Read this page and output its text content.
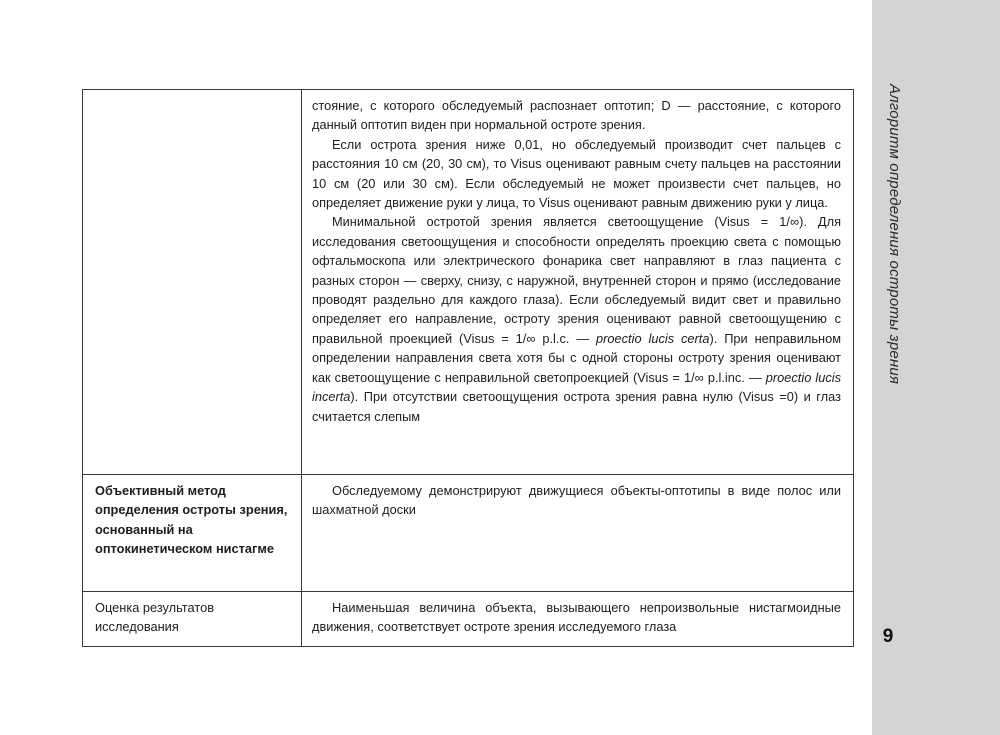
Алгоритм определения остроты зрения
9

	стояние, с которого обследуемый распознает оптотип; D — расстояние, с которого данный оптотип виден при нормальной остроте зрения.

Если острота зрения ниже 0,01, но обследуемый производит счет пальцев с расстояния 10 см (20, 30 см), то Visus оценивают равным счету пальцев на расстоянии 10 см (20 или 30 см). Если обследуемый не может произвести счет пальцев, но определяет движение руки у лица, то Visus оценивают равным движению руки у лица.

Минимальной остротой зрения является светоощущение (Visus = 1/∞). Для исследования светоощущения и способности определять проекцию света с помощью офтальмоскопа или электрического фонарика свет направляют в глаз пациента с разных сторон — сверху, снизу, с наружной, внутренней сторон и прямо (исследование проводят раздельно для каждого глаза). Если обследуемый видит свет и правильно определяет его направление, остроту зрения оценивают равной светоощущению с правильной проекцией (Visus = 1/∞ p.l.c. — proectio lucis certa). При неправильном определении направления света хотя бы с одной стороны остроту зрения оценивают как светоощущение с неправильной светопроекцией (Visus = 1/∞ p.l.inc. — proectio lucis incerta). При отсутствии светоощущения острота зрения равна нулю (Visus =0) и глаз считается слепым

Объективный метод определения остроты зрения, основанный на оптокинетическом нистагме	Обследуемому демонстрируют движущиеся объекты-оптотипы в виде полос или шахматной доски

Оценка результатов исследования	Наименьшая величина объекта, вызывающего непроизвольные нистагмоидные движения, соответствует остроте зрения исследуемого глаза
